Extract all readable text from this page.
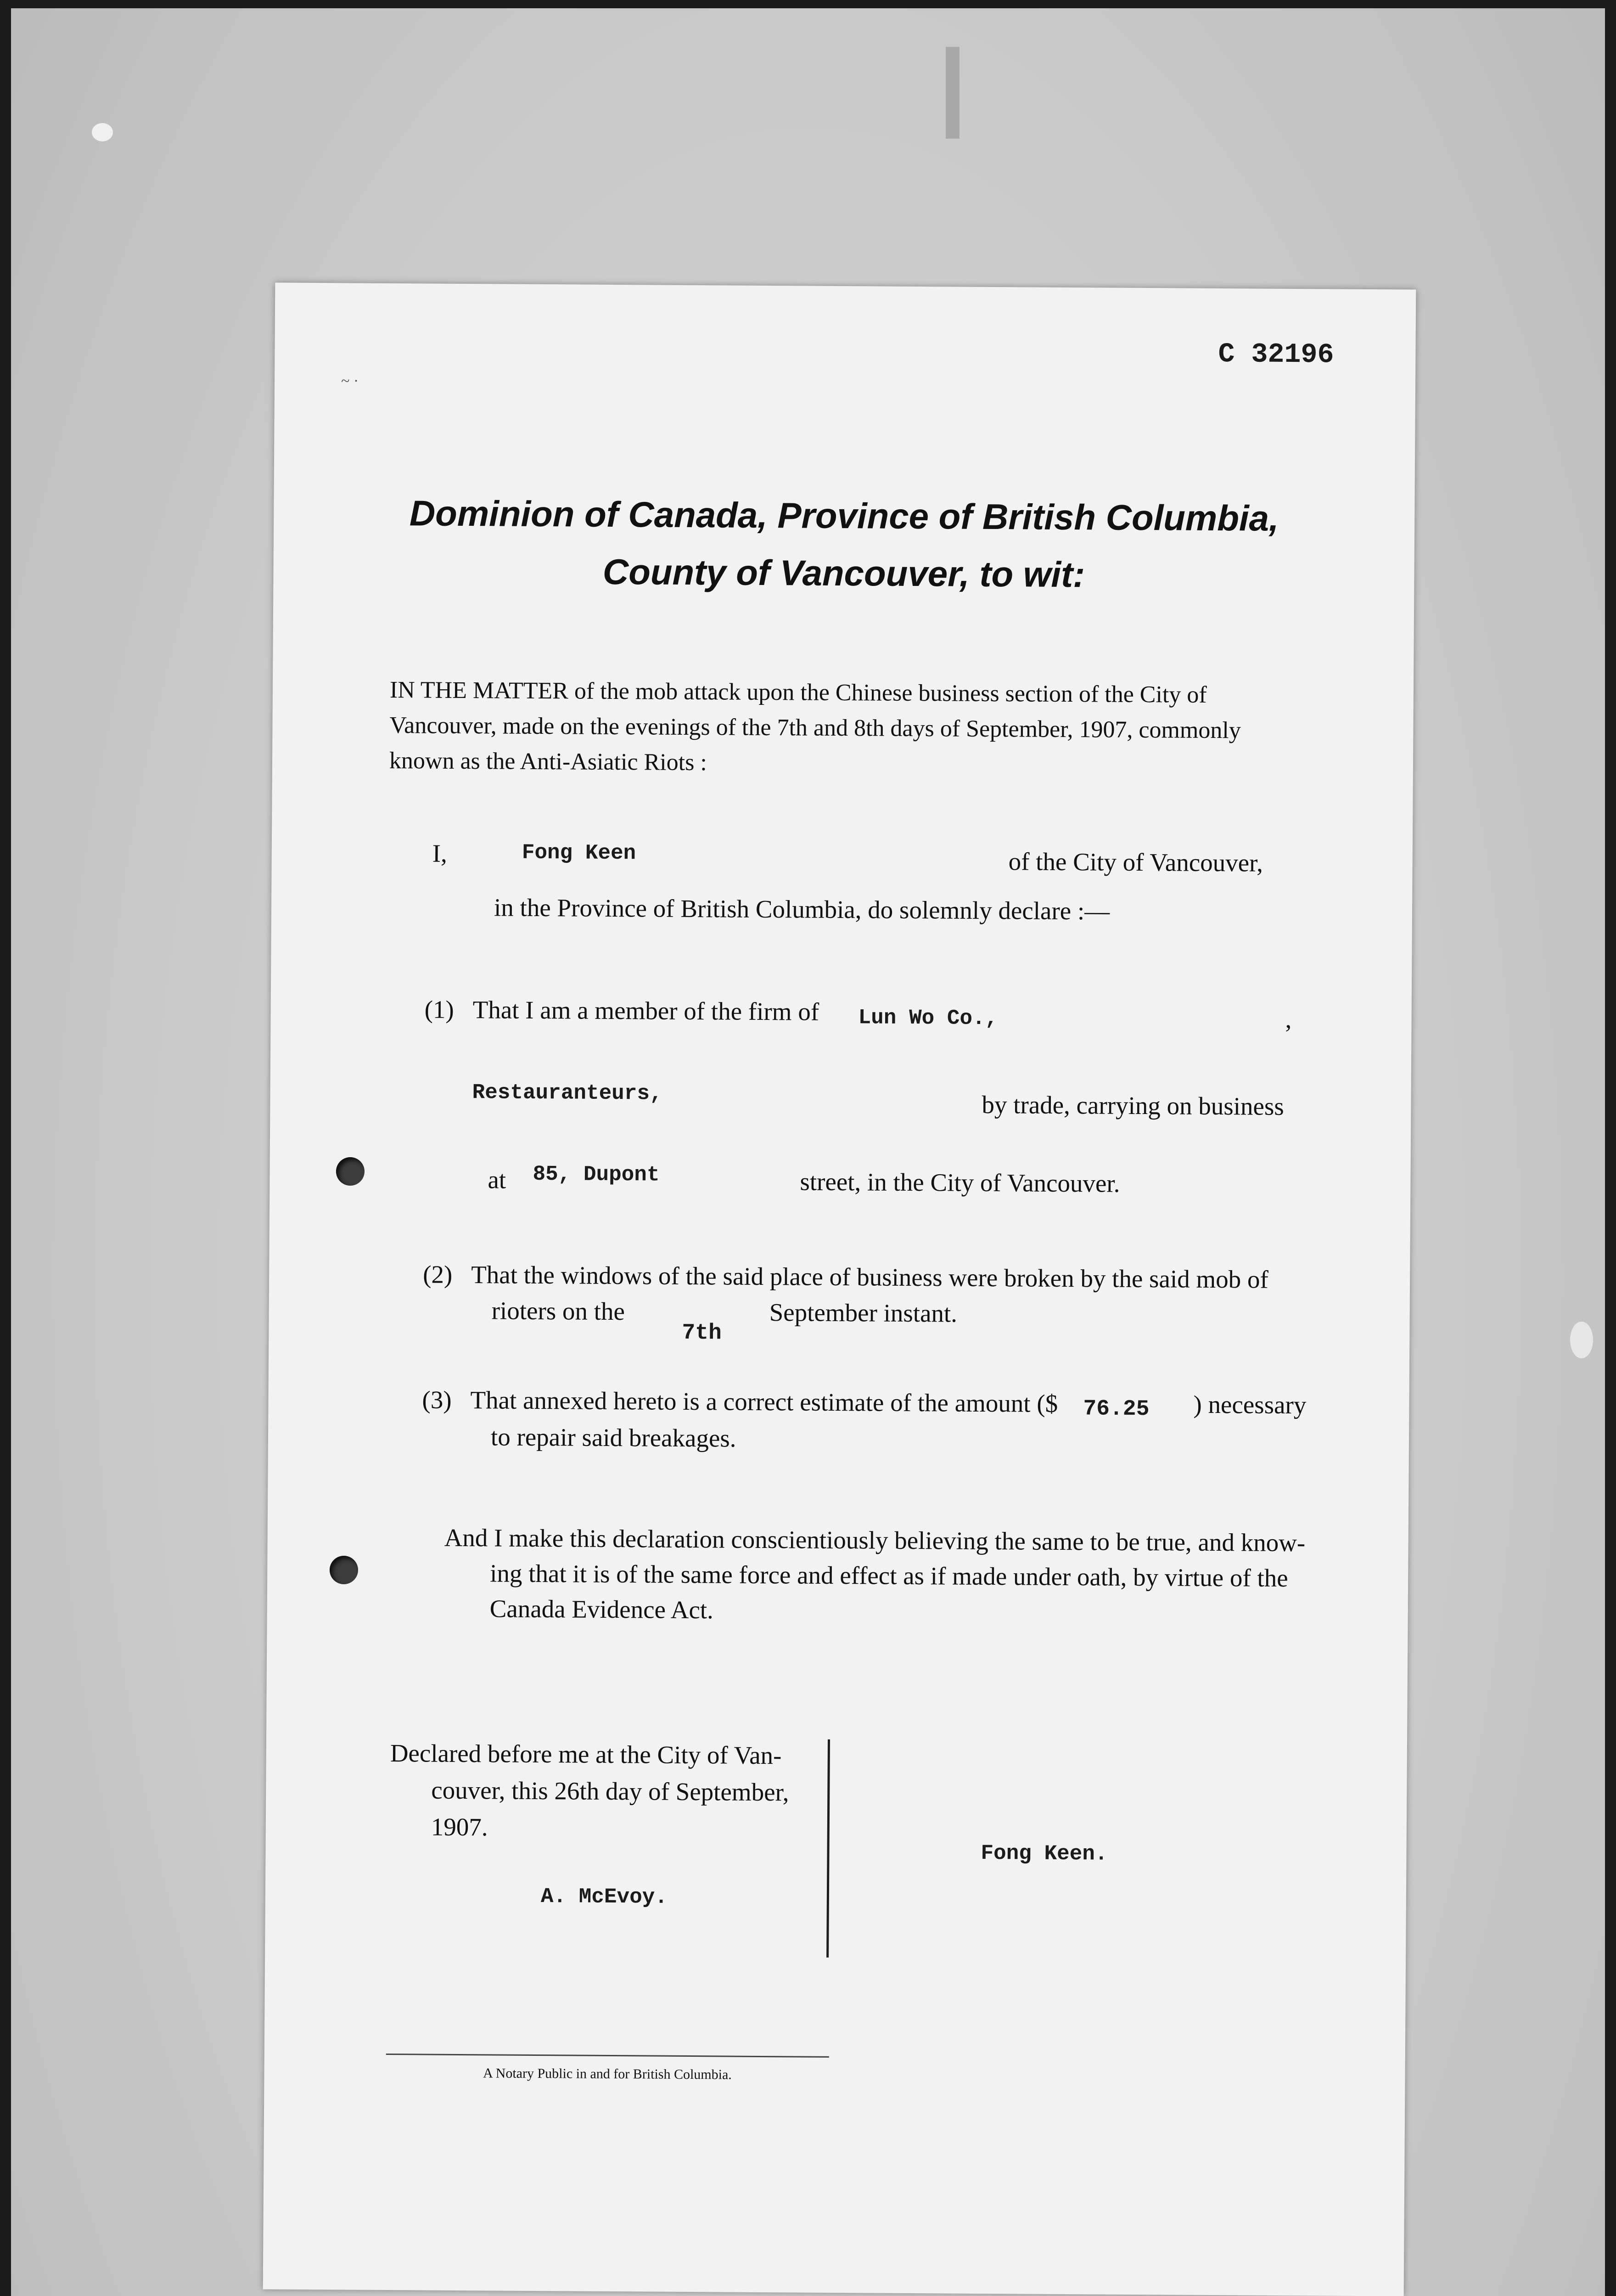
C 32196
~ ·
Dominion of Canada, Province of British Columbia,
County of Vancouver, to wit:
IN THE MATTER of the mob attack upon the Chinese business section of the City of
Vancouver, made on the evenings of the 7th and 8th days of September, 1907, commonly
known as the Anti-Asiatic Riots :
I,	Fong Keen	of the City of Vancouver,
in the Province of British Columbia, do solemnly declare :—
(1) That I am a member of the firm of Lun Wo Co.,	,
Restauranteurs,	by trade, carrying on business
at 85, Dupont	street, in the City of Vancouver.
(2) That the windows of the said place of business were broken by the said mob of
rioters on the	September instant.
7th
(3) That annexed hereto is a correct estimate of the amount ($ 76.25 ) necessary
to repair said breakages.
And I make this declaration conscientiously believing the same to be true, and know-
ing that it is of the same force and effect as if made under oath, by virtue of the
Canada Evidence Act.
Declared before me at the City of Van-
couver, this 26th day of September,
1907.
A. McEvoy.
Fong Keen.
A Notary Public in and for British Columbia.
